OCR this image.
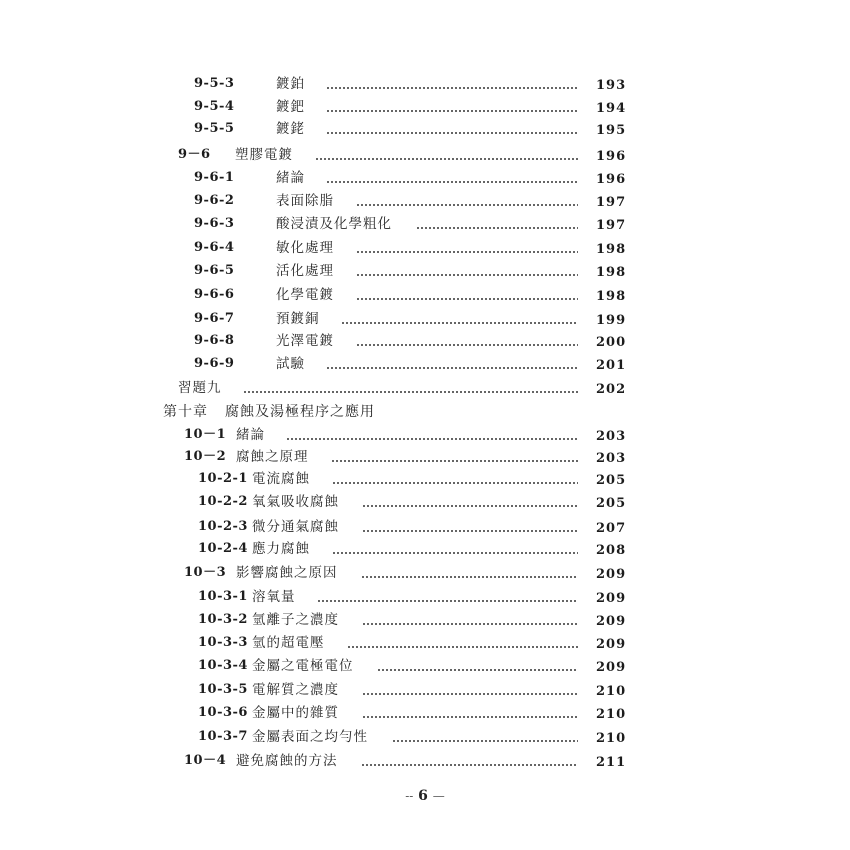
9-5-3	鍍鉑	193
9-5-4	鍍鈀	194
9-5-5	鍍銠	195
9－6 塑膠電鍍	196
9-6-1	緒論	196
9-6-2	表面除脂	197
9-6-3	酸浸漬及化學粗化	197
9-6-4	敏化處理	198
9-6-5	活化處理	198
9-6-6	化學電鍍	198
9-6-7	預鍍銅	199
9-6-8	光澤電鍍	200
9-6-9	試驗	201
習題九	202
第十章 腐蝕及湯極程序之應用
10－1 緒論	203
10－2 腐蝕之原理	203
10-2-1 電流腐蝕	205
10-2-2 氧氣吸收腐蝕	205
10-2-3 微分通氣腐蝕	207
10-2-4 應力腐蝕	208
10－3 影響腐蝕之原因	209
10-3-1 溶氧量	209
10-3-2 氫離子之濃度	209
10-3-3 氫的超電壓	209
10-3-4 金屬之電極電位	209
10-3-5 電解質之濃度	210
10-3-6 金屬中的雜質	210
10-3-7 金屬表面之均勻性	210
10－4 避免腐蝕的方法	211
-- 6 —
